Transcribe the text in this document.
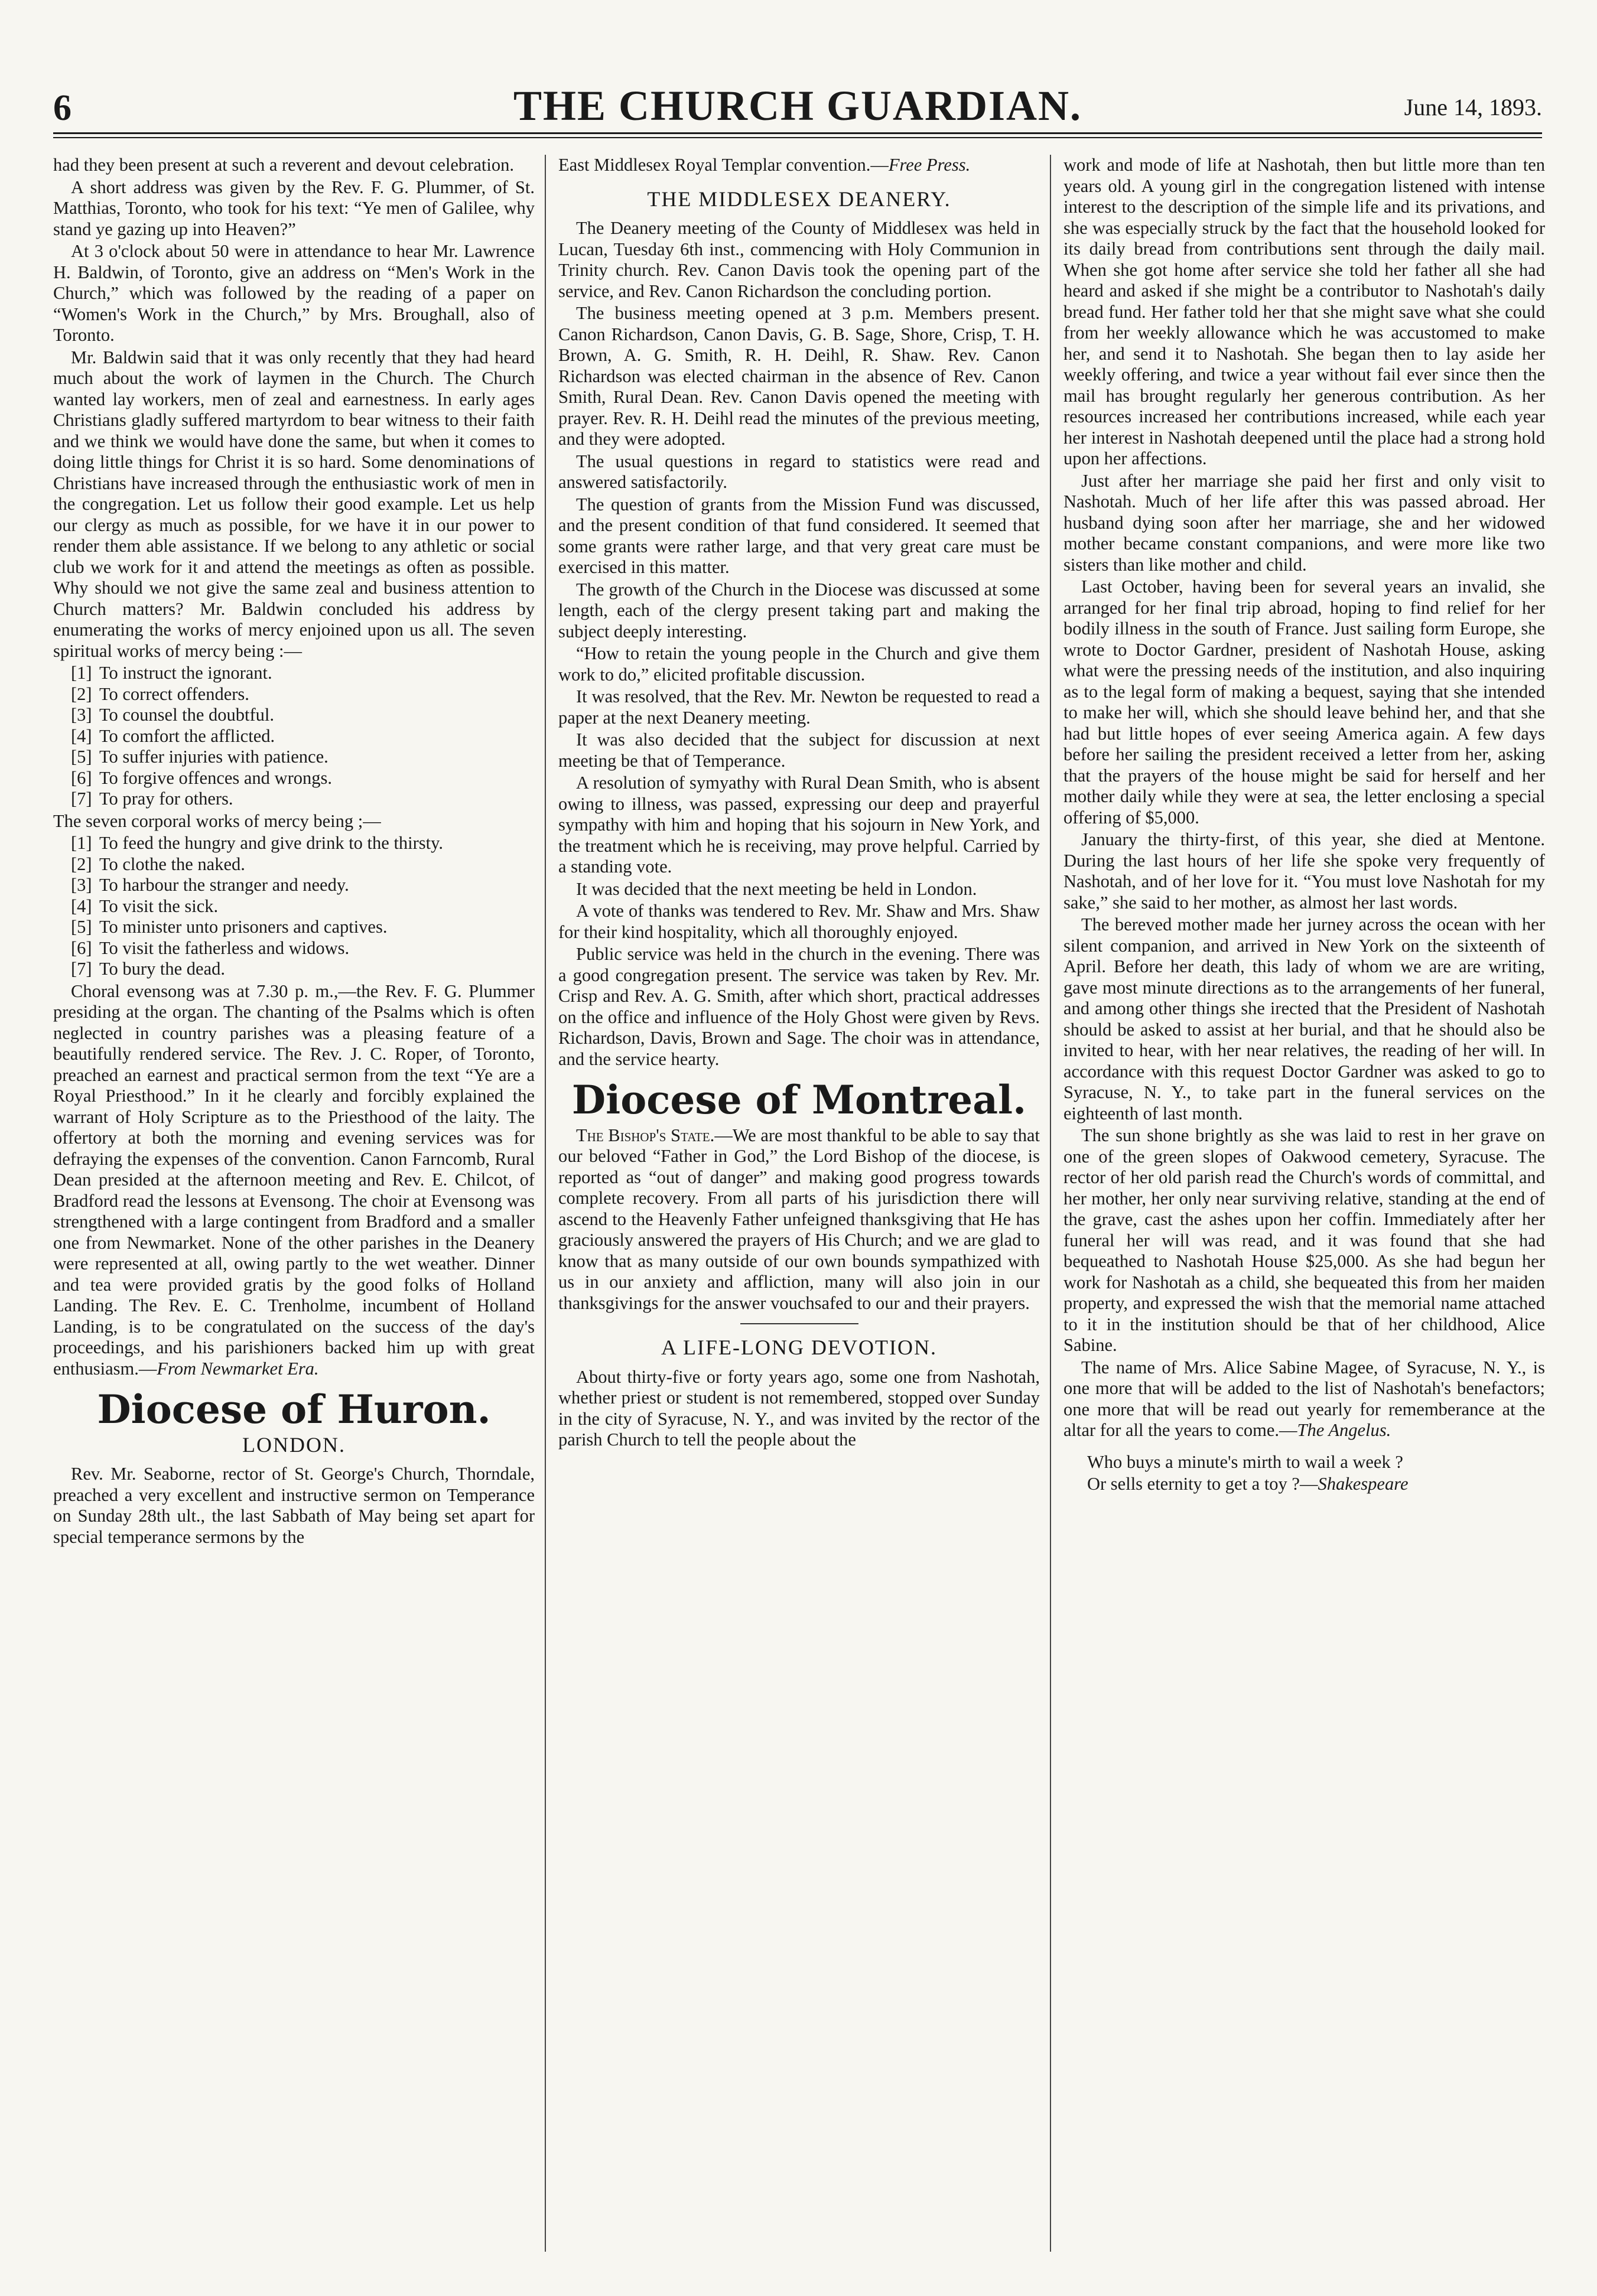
6	THE CHURCH GUARDIAN.	June 14, 1893.

had they been present at such a reverent and devout celebration.

A short address was given by the Rev. F. G. Plummer, of St. Matthias, Toronto, who took for his text: “Ye men of Galilee, why stand ye gazing up into Heaven?”

At 3 o'clock about 50 were in attendance to hear Mr. Lawrence H. Baldwin, of Toronto, give an address on “Men's Work in the Church,” which was followed by the reading of a paper on “Women's Work in the Church,” by Mrs. Broughall, also of Toronto.

Mr. Baldwin said that it was only recently that they had heard much about the work of laymen in the Church. The Church wanted lay workers, men of zeal and earnestness. In early ages Christians gladly suffered martyrdom to bear witness to their faith and we think we would have done the same, but when it comes to doing little things for Christ it is so hard. Some denominations of Christians have increased through the enthusiastic work of men in the congregation. Let us follow their good example. Let us help our clergy as much as possible, for we have it in our power to render them able assistance. If we belong to any athletic or social club we work for it and attend the meetings as often as possible. Why should we not give the same zeal and business attention to Church matters? Mr. Baldwin concluded his address by enumerating the works of mercy enjoined upon us all. The seven spiritual works of mercy being :—

[1] To instruct the ignorant.
[2] To correct offenders.
[3] To counsel the doubtful.
[4] To comfort the afflicted.
[5] To suffer injuries with patience.
[6] To forgive offences and wrongs.
[7] To pray for others.

The seven corporal works of mercy being ;—

[1] To feed the hungry and give drink to the thirsty.
[2] To clothe the naked.
[3] To harbour the stranger and needy.
[4] To visit the sick.
[5] To minister unto prisoners and captives.
[6] To visit the fatherless and widows.
[7] To bury the dead.

Choral evensong was at 7.30 p. m.,—the Rev. F. G. Plummer presiding at the organ. The chanting of the Psalms which is often neglected in country parishes was a pleasing feature of a beautifully rendered service. The Rev. J. C. Roper, of Toronto, preached an earnest and practical sermon from the text “Ye are a Royal Priesthood.” In it he clearly and forcibly explained the warrant of Holy Scripture as to the Priesthood of the laity. The offertory at both the morning and evening services was for defraying the expenses of the convention. Canon Farncomb, Rural Dean presided at the afternoon meeting and Rev. E. Chilcot, of Bradford read the lessons at Evensong. The choir at Evensong was strengthened with a large contingent from Bradford and a smaller one from Newmarket. None of the other parishes in the Deanery were represented at all, owing partly to the wet weather. Dinner and tea were provided gratis by the good folks of Holland Landing. The Rev. E. C. Trenholme, incumbent of Holland Landing, is to be congratulated on the success of the day's proceedings, and his parishioners backed him up with great enthusiasm.—From Newmarket Era.

Diocese of Huron.
LONDON.

Rev. Mr. Seaborne, rector of St. George's Church, Thorndale, preached a very excellent and instructive sermon on Temperance on Sunday 28th ult., the last Sabbath of May being set apart for special temperance sermons by the

East Middlesex Royal Templar convention.—Free Press.

THE MIDDLESEX DEANERY.

The Deanery meeting of the County of Middlesex was held in Lucan, Tuesday 6th inst., commencing with Holy Communion in Trinity church. Rev. Canon Davis took the opening part of the service, and Rev. Canon Richardson the concluding portion.

The business meeting opened at 3 p.m. Members present. Canon Richardson, Canon Davis, G. B. Sage, Shore, Crisp, T. H. Brown, A. G. Smith, R. H. Deihl, R. Shaw. Rev. Canon Richardson was elected chairman in the absence of Rev. Canon Smith, Rural Dean. Rev. Canon Davis opened the meeting with prayer. Rev. R. H. Deihl read the minutes of the previous meeting, and they were adopted.

The usual questions in regard to statistics were read and answered satisfactorily.

The question of grants from the Mission Fund was discussed, and the present condition of that fund considered. It seemed that some grants were rather large, and that very great care must be exercised in this matter.

The growth of the Church in the Diocese was discussed at some length, each of the clergy present taking part and making the subject deeply interesting.

“How to retain the young people in the Church and give them work to do,” elicited profitable discussion.

It was resolved, that the Rev. Mr. Newton be requested to read a paper at the next Deanery meeting.

It was also decided that the subject for discussion at next meeting be that of Temperance.

A resolution of symyathy with Rural Dean Smith, who is absent owing to illness, was passed, expressing our deep and prayerful sympathy with him and hoping that his sojourn in New York, and the treatment which he is receiving, may prove helpful. Carried by a standing vote.

It was decided that the next meeting be held in London.

A vote of thanks was tendered to Rev. Mr. Shaw and Mrs. Shaw for their kind hospitality, which all thoroughly enjoyed.

Public service was held in the church in the evening. There was a good congregation present. The service was taken by Rev. Mr. Crisp and Rev. A. G. Smith, after which short, practical addresses on the office and influence of the Holy Ghost were given by Revs. Richardson, Davis, Brown and Sage. The choir was in attendance, and the service hearty.

Diocese of Montreal.

The Bishop's State.—We are most thankful to be able to say that our beloved “Father in God,” the Lord Bishop of the diocese, is reported as “out of danger” and making good progress towards complete recovery. From all parts of his jurisdiction there will ascend to the Heavenly Father unfeigned thanksgiving that He has graciously answered the prayers of His Church; and we are glad to know that as many outside of our own bounds sympathized with us in our anxiety and affliction, many will also join in our thanksgivings for the answer vouchsafed to our and their prayers.

A LIFE-LONG DEVOTION.

About thirty-five or forty years ago, some one from Nashotah, whether priest or student is not remembered, stopped over Sunday in the city of Syracuse, N. Y., and was invited by the rector of the parish Church to tell the people about the

work and mode of life at Nashotah, then but little more than ten years old. A young girl in the congregation listened with intense interest to the description of the simple life and its privations, and she was especially struck by the fact that the household looked for its daily bread from contributions sent through the daily mail. When she got home after service she told her father all she had heard and asked if she might be a contributor to Nashotah's daily bread fund. Her father told her that she might save what she could from her weekly allowance which he was accustomed to make her, and send it to Nashotah. She began then to lay aside her weekly offering, and twice a year without fail ever since then the mail has brought regularly her generous contribution. As her resources increased her contributions increased, while each year her interest in Nashotah deepened until the place had a strong hold upon her affections.

Just after her marriage she paid her first and only visit to Nashotah. Much of her life after this was passed abroad. Her husband dying soon after her marriage, she and her widowed mother became constant companions, and were more like two sisters than like mother and child.

Last October, having been for several years an invalid, she arranged for her final trip abroad, hoping to find relief for her bodily illness in the south of France. Just sailing form Europe, she wrote to Doctor Gardner, president of Nashotah House, asking what were the pressing needs of the institution, and also inquiring as to the legal form of making a bequest, saying that she intended to make her will, which she should leave behind her, and that she had but little hopes of ever seeing America again. A few days before her sailing the president received a letter from her, asking that the prayers of the house might be said for herself and her mother daily while they were at sea, the letter enclosing a special offering of $5,000.

January the thirty-first, of this year, she died at Mentone. During the last hours of her life she spoke very frequently of Nashotah, and of her love for it. “You must love Nashotah for my sake,” she said to her mother, as almost her last words.

The bereved mother made her jurney across the ocean with her silent companion, and arrived in New York on the sixteenth of April. Before her death, this lady of whom we are are writing, gave most minute directions as to the arrangements of her funeral, and among other things she irected that the President of Nashotah should be asked to assist at her burial, and that he should also be invited to hear, with her near relatives, the reading of her will. In accordance with this request Doctor Gardner was asked to go to Syracuse, N. Y., to take part in the funeral services on the eighteenth of last month.

The sun shone brightly as she was laid to rest in her grave on one of the green slopes of Oakwood cemetery, Syracuse. The rector of her old parish read the Church's words of committal, and her mother, her only near surviving relative, standing at the end of the grave, cast the ashes upon her coffin. Immediately after her funeral her will was read, and it was found that she had bequeathed to Nashotah House $25,000. As she had begun her work for Nashotah as a child, she bequeated this from her maiden property, and expressed the wish that the memorial name attached to it in the institution should be that of her childhood, Alice Sabine.

The name of Mrs. Alice Sabine Magee, of Syracuse, N. Y., is one more that will be added to the list of Nashotah's benefactors; one more that will be read out yearly for rememberance at the altar for all the years to come.—The Angelus.

Who buys a minute's mirth to wail a week ?

Or sells eternity to get a toy ?—Shakespeare
